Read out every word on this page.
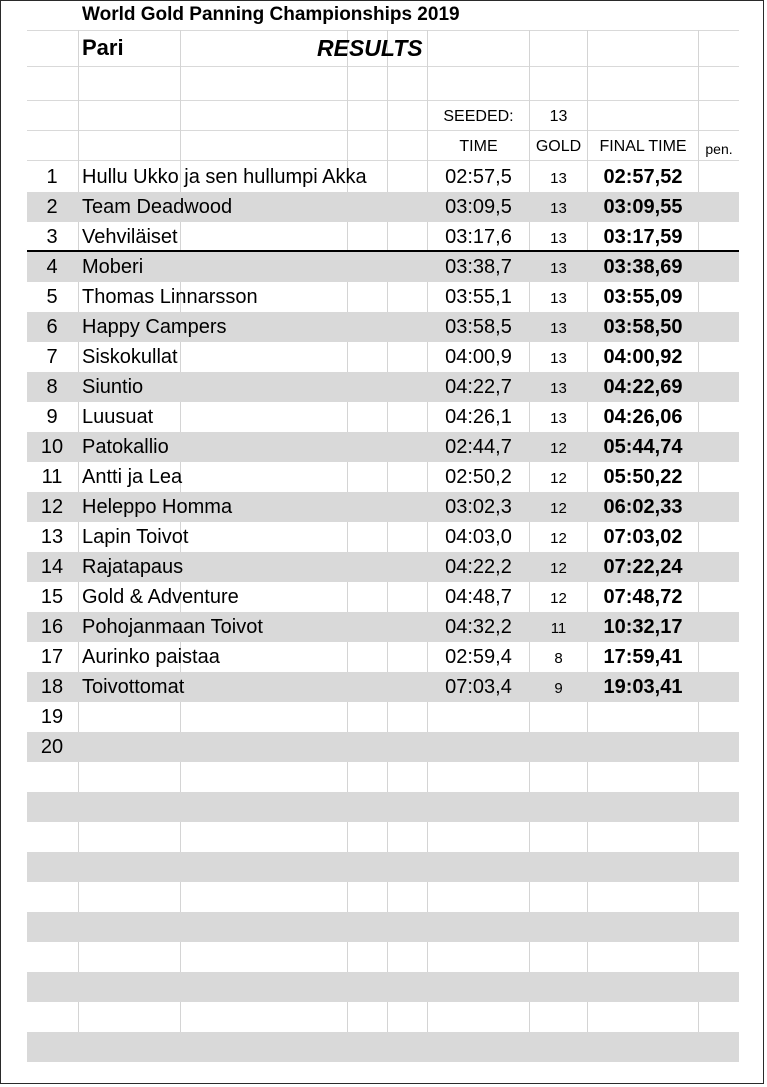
World Gold Panning Championships 2019
Pari	RESULTS
SEEDED:	13
TIME	GOLD	FINAL TIME	pen.
1	Hullu Ukko ja sen hullumpi Akka	02:57,5	13	02:57,52
2	Team Deadwood	03:09,5	13	03:09,55
3	Vehviläiset	03:17,6	13	03:17,59
4	Moberi	03:38,7	13	03:38,69
5	Thomas Linnarsson	03:55,1	13	03:55,09
6	Happy Campers	03:58,5	13	03:58,50
7	Siskokullat	04:00,9	13	04:00,92
8	Siuntio	04:22,7	13	04:22,69
9	Luusuat	04:26,1	13	04:26,06
10 Patokallio	02:44,7	12	05:44,74
11 Antti ja Lea	02:50,2	12	05:50,22
12 Heleppo Homma	03:02,3	12	06:02,33
13 Lapin Toivot	04:03,0	12	07:03,02
14 Rajatapaus	04:22,2	12	07:22,24
15 Gold & Adventure	04:48,7	12	07:48,72
16 Pohojanmaan Toivot	04:32,2	11	10:32,17
17 Aurinko paistaa	02:59,4	8	17:59,41
18 Toivottomat	07:03,4	9	19:03,41
19
20
